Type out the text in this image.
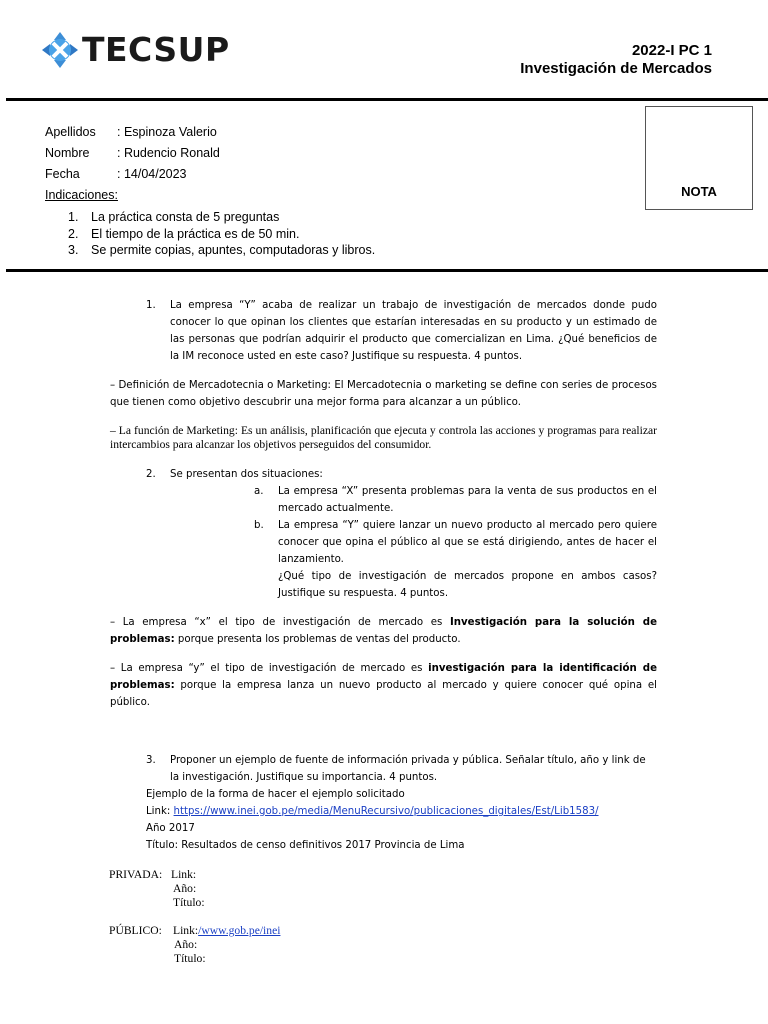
TECSUP	2022-I PC 1
Investigación de Mercados
Apellidos : Espinoza Valerio
Nombre : Rudencio Ronald
Fecha	: 14/04/2023
NOTA
Indicaciones:
1. La práctica consta de 5 preguntas
2. El tiempo de la práctica es de 50 min.
3. Se permite copias, apuntes, computadoras y libros.
1. La empresa “Y” acaba de realizar un trabajo de investigación de mercados donde pudo conocer lo que opinan los clientes que estarían interesadas en su producto y un estimado de las personas que podrían adquirir el producto que comercializan en Lima. ¿Qué beneficios de la IM reconoce usted en este caso? Justifique su respuesta. 4 puntos.
– Definición de Mercadotecnia o Marketing: El Mercadotecnia o marketing se define con series de procesos que tienen como objetivo descubrir una mejor forma para alcanzar a un público.
– La función de Marketing: Es un análisis, planificación que ejecuta y controla las acciones y programas para realizar intercambios para alcanzar los objetivos perseguidos del consumidor.
2. Se presentan dos situaciones:
a. La empresa “X” presenta problemas para la venta de sus productos en el mercado actualmente.
b. La empresa “Y” quiere lanzar un nuevo producto al mercado pero quiere conocer que opina el público al que se está dirigiendo, antes de hacer el lanzamiento.
¿Qué tipo de investigación de mercados propone en ambos casos? Justifique su respuesta. 4 puntos.
– La empresa “x” el tipo de investigación de mercado es Investigación para la solución de problemas: porque presenta los problemas de ventas del producto.
– La empresa “y” el tipo de investigación de mercado es investigación para la identificación de problemas: porque la empresa lanza un nuevo producto al mercado y quiere conocer qué opina el público.
3. Proponer un ejemplo de fuente de información privada y pública. Señalar título, año y link de la investigación. Justifique su importancia. 4 puntos.
Ejemplo de la forma de hacer el ejemplo solicitado
Link: https://www.inei.gob.pe/media/MenuRecursivo/publicaciones_digitales/Est/Lib1583/
Año 2017
Título: Resultados de censo definitivos 2017 Provincia de Lima
PRIVADA: Link:
Año:
Título:
PÚBLICO: Link:/www.gob.pe/inei
Año:
Título:
